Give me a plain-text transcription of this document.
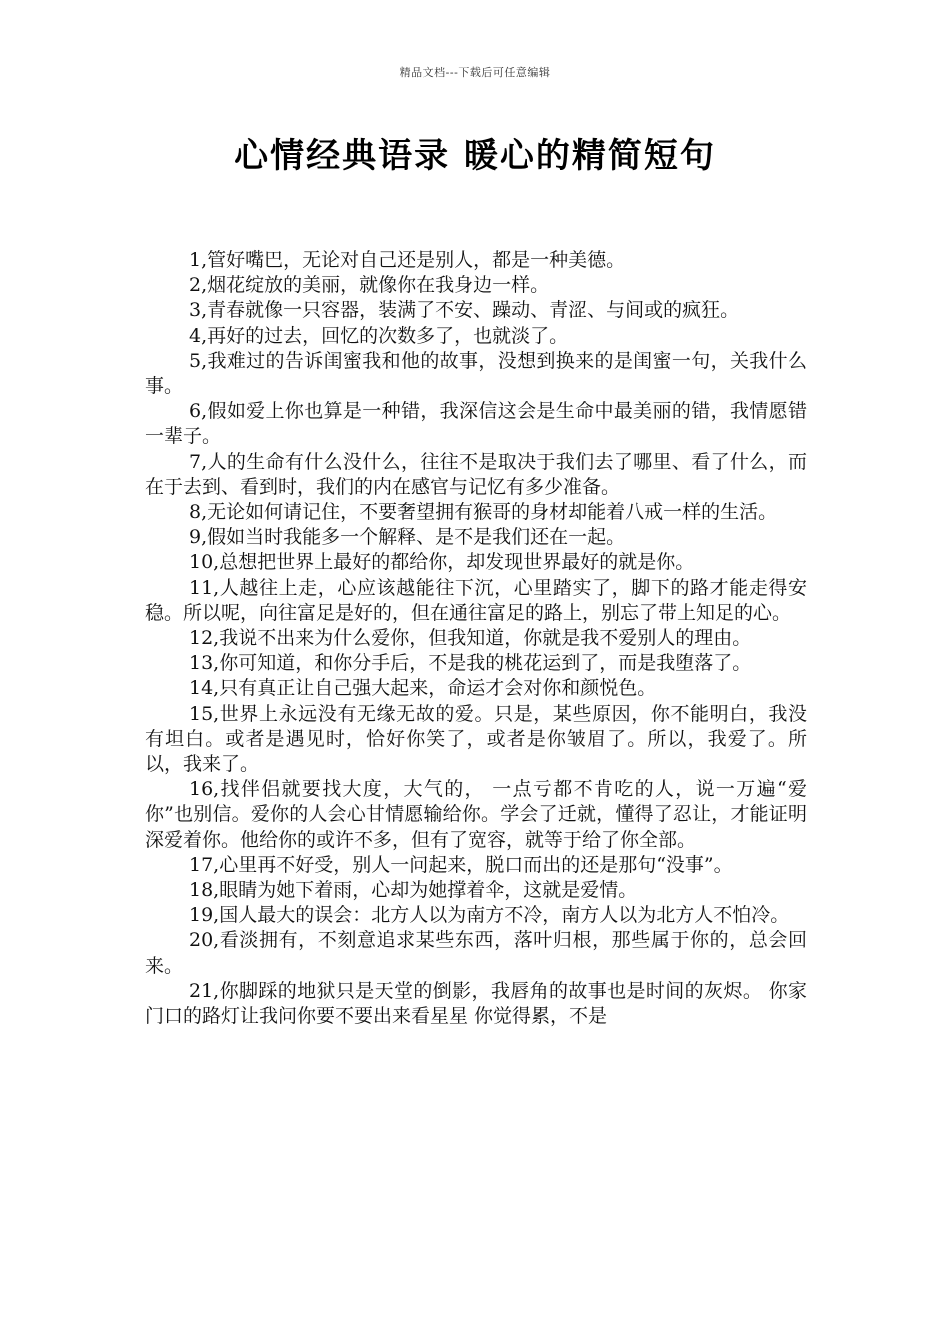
精品文档---下载后可任意编辑
心情经典语录 暖心的精简短句

1,管好嘴巴，无论对自己还是别人，都是一种美德。

2,烟花绽放的美丽，就像你在我身边一样。

3,青春就像一只容器，装满了不安、躁动、青涩、与间或的疯狂。

4,再好的过去，回忆的次数多了，也就淡了。

5,我难过的告诉闺蜜我和他的故事，没想到换来的是闺蜜一句，关我什么事。

6,假如爱上你也算是一种错，我深信这会是生命中最美丽的错，我情愿错一辈子。

7,人的生命有什么没什么，往往不是取决于我们去了哪里、看了什么，而在于去到、看到时，我们的内在感官与记忆有多少准备。

8,无论如何请记住，不要奢望拥有猴哥的身材却能着八戒一样的生活。

9,假如当时我能多一个解释、是不是我们还在一起。

10,总想把世界上最好的都给你，却发现世界最好的就是你。

11,人越往上走，心应该越能往下沉，心里踏实了，脚下的路才能走得安稳。所以呢，向往富足是好的，但在通往富足的路上，别忘了带上知足的心。

12,我说不出来为什么爱你，但我知道，你就是我不爱别人的理由。

13,你可知道，和你分手后，不是我的桃花运到了，而是我堕落了。

14,只有真正让自己强大起来，命运才会对你和颜悦色。

15,世界上永远没有无缘无故的爱。只是，某些原因，你不能明白，我没有坦白。或者是遇见时，恰好你笑了，或者是你皱眉了。所以，我爱了。所以，我来了。

16,找伴侣就要找大度，大气的， 一点亏都不肯吃的人，说一万遍“爱你”也别信。爱你的人会心甘情愿输给你。学会了迁就，懂得了忍让，才能证明深爱着你。他给你的或许不多，但有了宽容，就等于给了你全部。

17,心里再不好受，别人一问起来，脱口而出的还是那句“没事”。

18,眼睛为她下着雨，心却为她撑着伞，这就是爱情。

19,国人最大的误会：北方人以为南方不冷，南方人以为北方人不怕冷。

20,看淡拥有，不刻意追求某些东西，落叶归根，那些属于你的，总会回来。

21,你脚踩的地狱只是天堂的倒影，我唇角的故事也是时间的灰烬。 你家门口的路灯让我问你要不要出来看星星 你觉得累，不是
